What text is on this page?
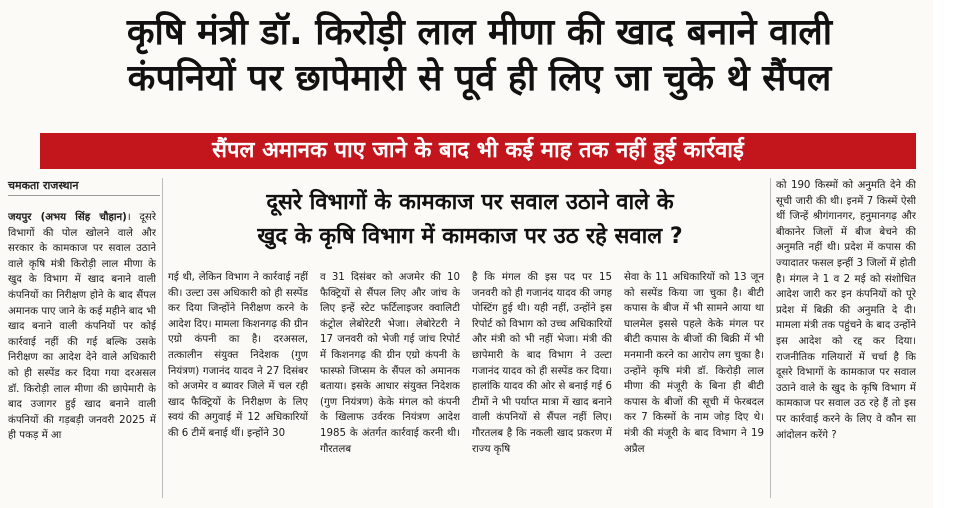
कृषि मंत्री डॉ. किरोड़ी लाल मीणा की खाद बनाने वाली
कंपनियों पर छापेमारी से पूर्व ही लिए जा चुके थे सैंपल
सैंपल अमानक पाए जाने के बाद भी कई माह तक नहीं हुई कार्रवाई
चमकता राजस्थान
दूसरे विभागों के कामकाज पर सवाल उठाने वाले के
खुद के कृषि विभाग में कामकाज पर उठ रहे सवाल ?

जयपुर (अभय सिंह चौहान)। दूसरे विभागों की पोल खोलने वाले और सरकार के कामकाज पर सवाल उठाने वाले कृषि मंत्री किरोड़ी लाल मीणा के खुद के विभाग में खाद बनाने वाली कंपनियों का निरीक्षण होने के बाद सैंपल अमानक पाए जाने के कई महीने बाद भी खाद बनाने वाली कंपनियों पर कोई कार्रवाई नहीं की गई बल्कि उसके निरीक्षण का आदेश देने वाले अधिकारी को ही सस्पेंड कर दिया गया दरअसल डॉ. किरोड़ी लाल मीणा की छापेमारी के बाद उजागर हुई खाद बनाने वाली कंपनियों की गड़बड़ी जनवरी 2025 में ही पकड़ में आ

गई थी, लेकिन विभाग ने कार्रवाई नहीं की। उल्टा उस अधिकारी को ही सस्पेंड कर दिया जिन्होंने निरीक्षण करने के आदेश दिए। मामला किशनगढ़ की ग्रीन एग्रो कंपनी का है। दरअसल, तत्कालीन संयुक्त निदेशक (गुण नियंत्रण) गजानंद यादव ने 27 दिसंबर को अजमेर व ब्यावर जिले में चल रही खाद फैक्ट्रियों के निरीक्षण के लिए स्वयं की अगुवाई में 12 अधिकारियों की 6 टीमें बनाई थीं। इन्होंने 30

व 31 दिसंबर को अजमेर की 10 फैक्ट्रियों से सैंपल लिए और जांच के लिए इन्हें स्टेट फर्टिलाइजर क्वालिटी कंट्रोल लेबोरेटरी भेजा। लेबोरेटरी ने 17 जनवरी को भेजी गई जांच रिपोर्ट में किशनगढ़ की ग्रीन एग्रो कंपनी के फास्फो जिप्सम के सैंपल को अमानक बताया। इसके आधार संयुक्त निदेशक (गुण नियंत्रण) केके मंगल को कंपनी के खिलाफ उर्वरक नियंत्रण आदेश 1985 के अंतर्गत कार्रवाई करनी थी। गौरतलब

है कि मंगल की इस पद पर 15 जनवरी को ही गजानंद यादव की जगह पोस्टिंग हुई थी। यही नहीं, उन्होंने इस रिपोर्ट को विभाग को उच्च अधिकारियों और मंत्री को भी नहीं भेजा। मंत्री की छापेमारी के बाद विभाग ने उल्टा गजानंद यादव को ही सस्पेंड कर दिया। हालांकि यादव की ओर से बनाई गई 6 टीमों ने भी पर्याप्त मात्रा में खाद बनाने वाली कंपनियों से सैंपल नहीं लिए। गौरतलब है कि नकली खाद प्रकरण में राज्य कृषि

सेवा के 11 अधिकारियों को 13 जून को सस्पेंड किया जा चुका है। बीटी कपास के बीज में भी सामने आया था घालमेल इससे पहले केके मंगल पर बीटी कपास के बीजों की बिक्री में भी मनमानी करने का आरोप लग चुका है। उन्होंने कृषि मंत्री डॉ. किरोड़ी लाल मीणा की मंजूरी के बिना ही बीटी कपास के बीजों की सूची में फेरबदल कर 7 किस्मों के नाम जोड़ दिए थे। मंत्री की मंजूरी के बाद विभाग ने 19 अप्रैल

को 190 किस्मों को अनुमति देने की सूची जारी की थी। इनमें 7 किस्में ऐसी थीं जिन्हें श्रीगंगानगर, हनुमानगढ़ और बीकानेर जिलों में बीज बेचने की अनुमति नहीं थी। प्रदेश में कपास की ज्यादातर फसल इन्हीं 3 जिलों में होती है। मंगल ने 1 व 2 मई को संशोधित आदेश जारी कर इन कंपनियों को पूरे प्रदेश में बिक्री की अनुमति दे दी। मामला मंत्री तक पहुंचने के बाद उन्होंने इस आदेश को रद्द कर दिया। राजनीतिक गलियारों में चर्चा है कि दूसरे विभागों के कामकाज पर सवाल उठाने वाले के खुद के कृषि विभाग में कामकाज पर सवाल उठ रहे हैं तो इस पर कार्रवाई करने के लिए वे कौन सा आंदोलन करेंगे ?
